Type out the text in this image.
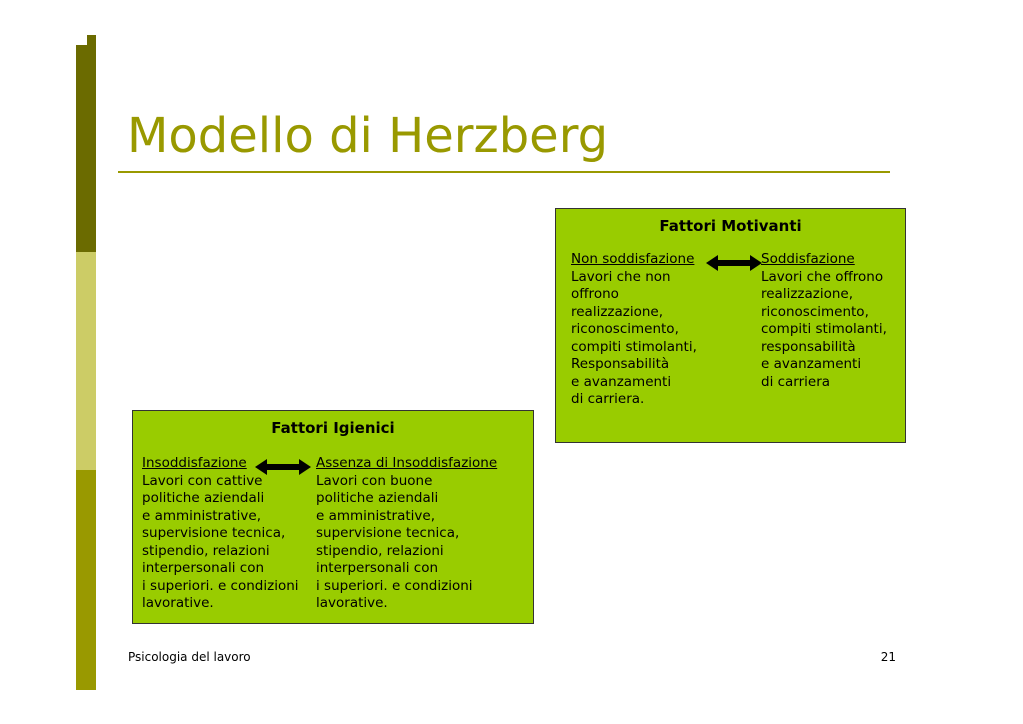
Modello di Herzberg
Fattori Motivanti
Non soddisfazione
Lavori che non
offrono
realizzazione,
riconoscimento,
compiti stimolanti,
Responsabilità
e avanzamenti
di carriera.
Soddisfazione
Lavori che offrono
realizzazione,
riconoscimento,
compiti stimolanti,
responsabilità
e avanzamenti
di carriera
Fattori Igienici
Insoddisfazione
Lavori con cattive
politiche aziendali
e amministrative,
supervisione tecnica,
stipendio, relazioni
interpersonali con
i superiori. e condizioni
lavorative.
Assenza di Insoddisfazione
Lavori con buone
politiche aziendali
e amministrative,
supervisione tecnica,
stipendio, relazioni
interpersonali con
i superiori. e condizioni
lavorative.
Psicologia del lavoro	21
